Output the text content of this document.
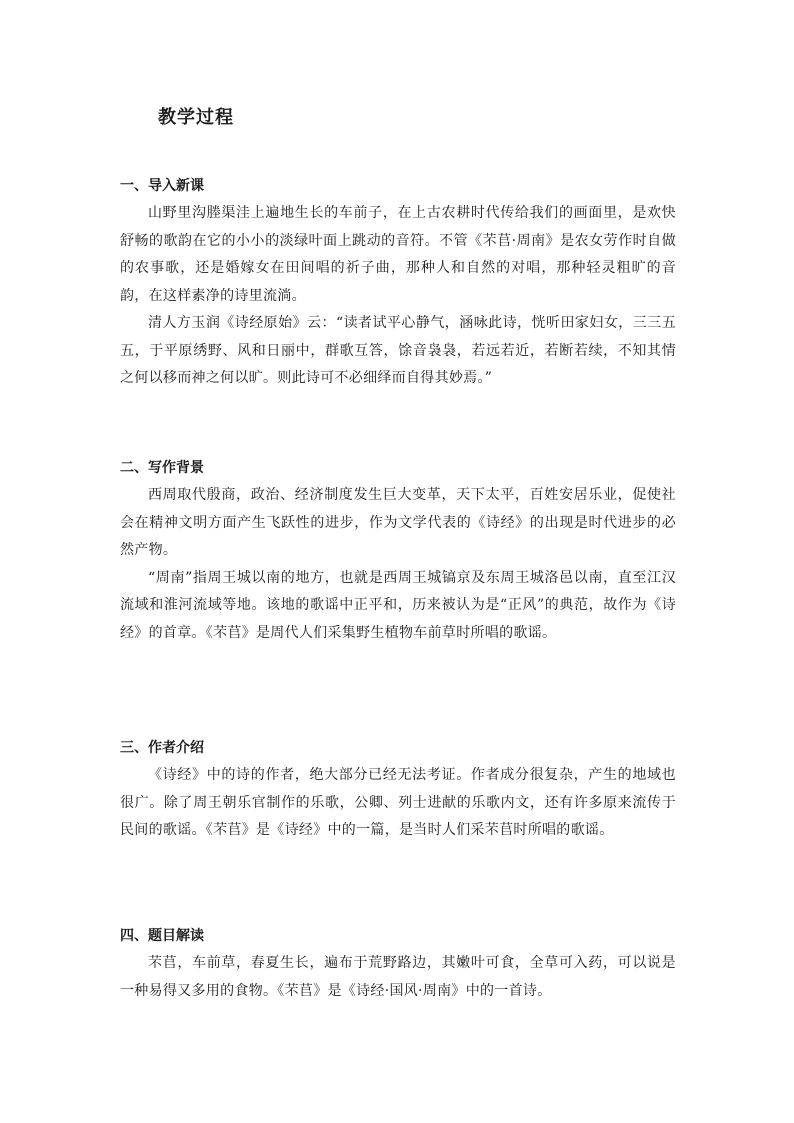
教学过程
一、导入新课

山野里沟塍渠洼上遍地生长的车前子，在上古农耕时代传给我们的画面里，是欢快舒畅的歌韵在它的小小的淡绿叶面上跳动的音符。不管《芣苢·周南》是农女劳作时自做的农事歌，还是婚嫁女在田间唱的祈子曲，那种人和自然的对唱，那种轻灵粗旷的音韵，在这样素净的诗里流淌。

清人方玉润《诗经原始》云：“读者试平心静气，涵咏此诗，恍听田家妇女，三三五五，于平原绣野、风和日丽中，群歌互答，馀音袅袅，若远若近，若断若续，不知其情之何以移而神之何以旷。则此诗可不必细绎而自得其妙焉。”

二、写作背景

西周取代殷商，政治、经济制度发生巨大变革，天下太平，百姓安居乐业，促使社会在精神文明方面产生飞跃性的进步，作为文学代表的《诗经》的出现是时代进步的必然产物。

“周南”指周王城以南的地方，也就是西周王城镐京及东周王城洛邑以南，直至江汉流域和淮河流域等地。该地的歌谣中正平和，历来被认为是“正风”的典范，故作为《诗经》的首章。《芣苢》是周代人们采集野生植物车前草时所唱的歌谣。

三、作者介绍

《诗经》中的诗的作者，绝大部分已经无法考证。作者成分很复杂，产生的地域也很广。除了周王朝乐官制作的乐歌，公卿、列士进献的乐歌内文，还有许多原来流传于民间的歌谣。《芣苢》是《诗经》中的一篇，是当时人们采芣苢时所唱的歌谣。

四、题目解读

芣苢，车前草，春夏生长，遍布于荒野路边，其嫩叶可食，全草可入药，可以说是一种易得又多用的食物。《芣苢》是《诗经·国风·周南》中的一首诗。
